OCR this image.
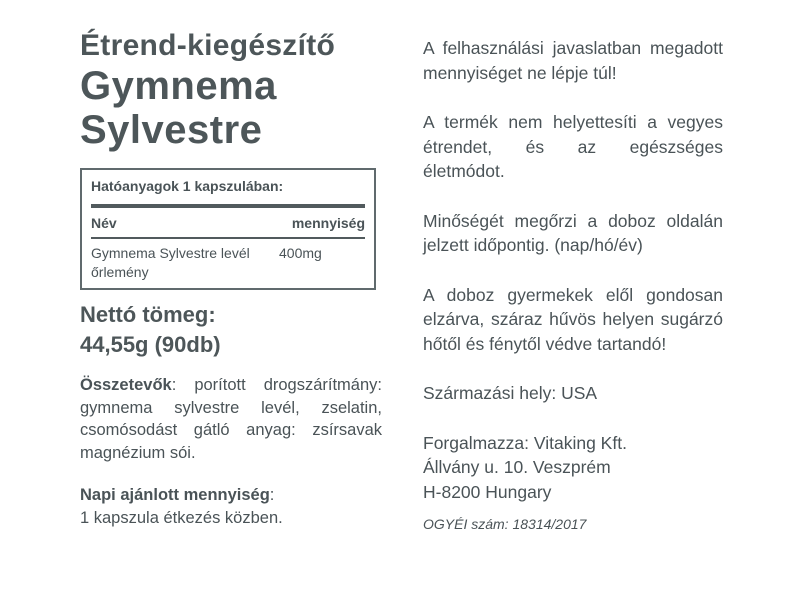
Étrend-kiegészítő
Gymnema
Sylvestre
Hatóanyagok 1 kapszulában:
Név	mennyiség
Gymnema Sylvestre levél őrlemény
400mg
Nettó tömeg:
44,55g (90db)

Összetevők: porított drogszárítmány: gymnema sylvestre levél, zselatin, csomósodást gátló anyag: zsírsavak magnézium sói.

Napi ajánlott mennyiség:
1 kapszula étkezés közben.

A felhasználási javaslatban megadott mennyiséget ne lépje túl!

A termék nem helyettesíti a vegyes étrendet, és az egészséges életmódot.

Minőségét megőrzi a doboz oldalán jelzett időpontig. (nap/hó/év)

A doboz gyermekek elől gondosan elzárva, száraz hűvös helyen sugárzó hőtől és fénytől védve tartandó!

Származási hely: USA

Forgalmazza: Vitaking Kft.
Állvány u. 10. Veszprém
H-8200 Hungary

OGYÉI szám: 18314/2017
